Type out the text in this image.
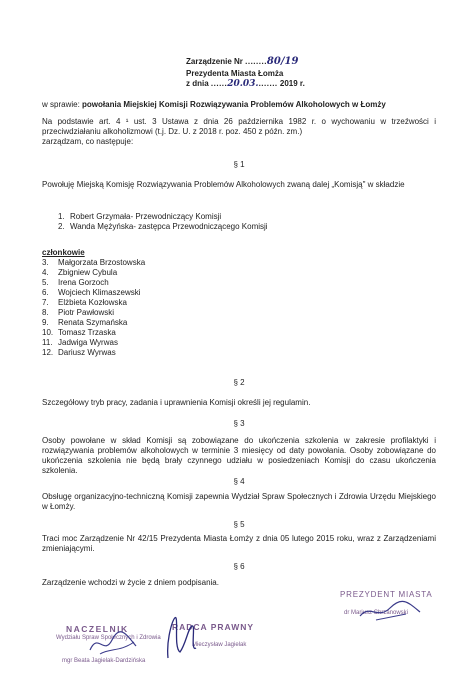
Zarządzenie Nr ........80/19
Prezydenta Miasta Łomża
z dnia ......20.03........ 2019 r.
w sprawie: powołania Miejskiej Komisji Rozwiązywania Problemów Alkoholowych w Łomży
Na podstawie art. 4 ¹ ust. 3 Ustawa z dnia 26 października 1982 r. o wychowaniu w trzeźwości i przeciwdziałaniu alkoholizmowi (t.j. Dz. U. z 2018 r. poz. 450 z późn. zm.)
zarządzam, co następuje:
§ 1
Powołuję Miejską Komisję Rozwiązywania Problemów Alkoholowych zwaną dalej „Komisją" w składzie
1. Robert Grzymała- Przewodniczący Komisji
2. Wanda Mężyńska- zastępca Przewodniczącego Komisji
członkowie
3. Małgorzata Brzostowska
4. Zbigniew Cybula
5. Irena Gorzoch
6. Wojciech Klimaszewski
7. Elżbieta Kozłowska
8. Piotr Pawłowski
9. Renata Szymańska
10. Tomasz Trzaska
11. Jadwiga Wyrwas
12. Dariusz Wyrwas
§ 2
Szczegółowy tryb pracy, zadania i uprawnienia Komisji określi jej regulamin.
§ 3
Osoby powołane w skład Komisji są zobowiązane do ukończenia szkolenia w zakresie profilaktyki i rozwiązywania problemów alkoholowych w terminie 3 miesięcy od daty powołania. Osoby zobowiązane do ukończenia szkolenia nie będą brały czynnego udziału w posiedzeniach Komisji do czasu ukończenia szkolenia.
§ 4
Obsługę organizacyjno-techniczną Komisji zapewnia Wydział Spraw Społecznych i Zdrowia Urzędu Miejskiego w Łomży.
§ 5
Traci moc Zarządzenie Nr 42/15 Prezydenta Miasta Łomży z dnia 05 lutego 2015 roku, wraz z Zarządzeniami zmieniającymi.
§ 6
Zarządzenie wchodzi w życie z dniem podpisania.
NACZELNIK
Wydziału Spraw Społecznych i Zdrowia
mgr Beata Jagielak-Dardzińska
RADCA PRAWNY
Mieczysław Jagielak
PREZYDENT MIASTA
dr Mariusz Chrzanowski
